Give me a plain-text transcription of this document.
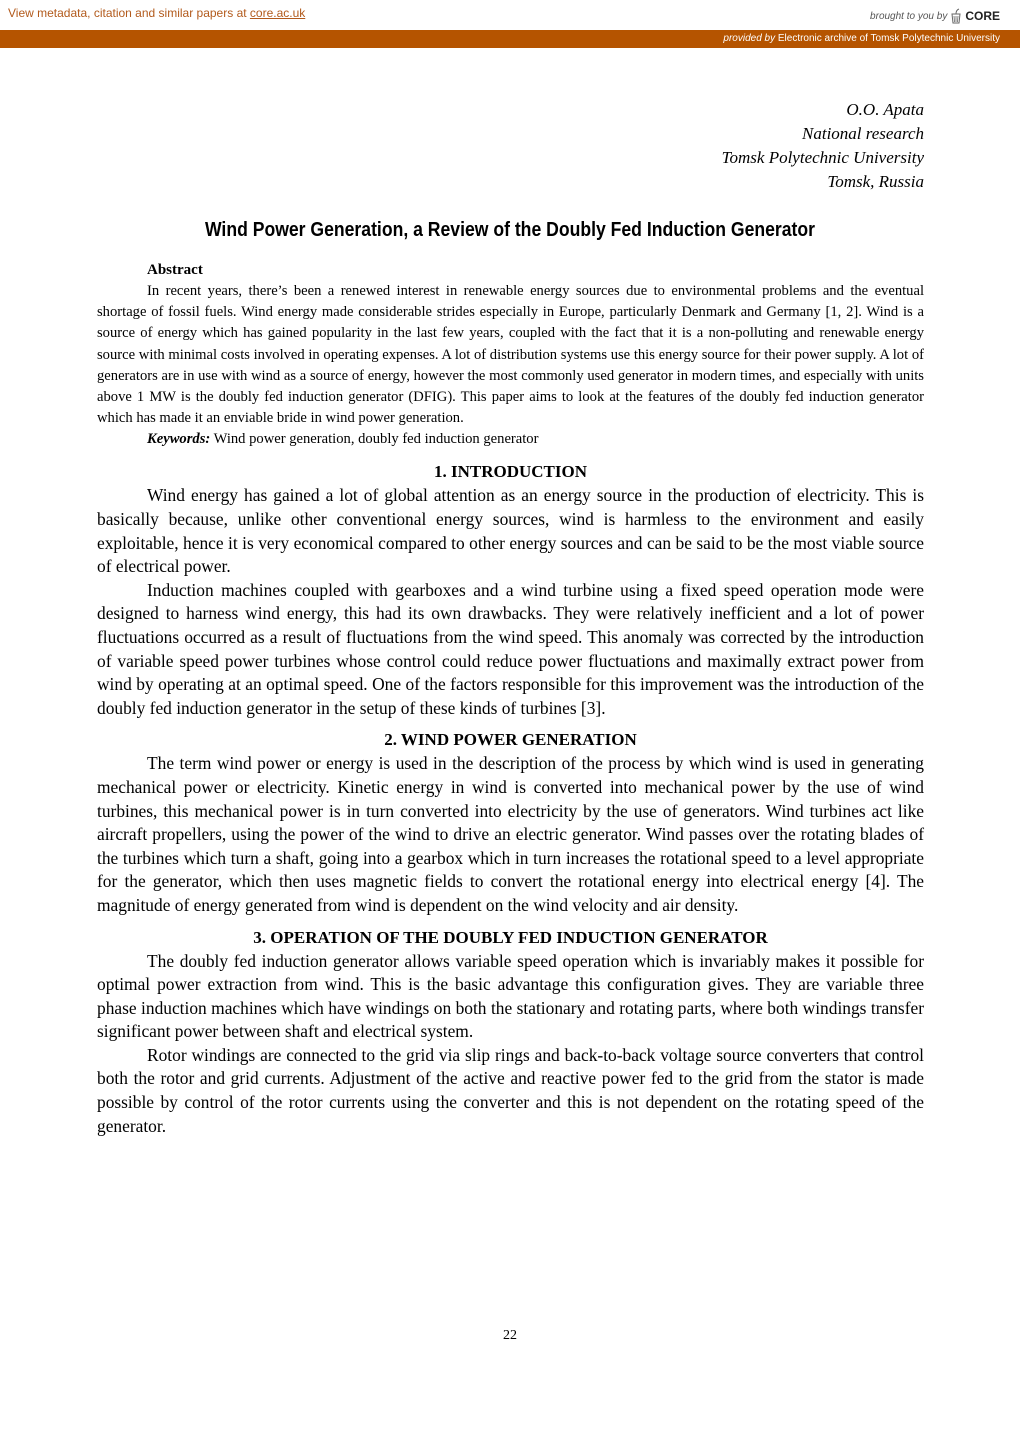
View metadata, citation and similar papers at core.ac.uk	brought to you by CORE
provided by Electronic archive of Tomsk Polytechnic University
O.O. Apata
National research
Tomsk Polytechnic University
Tomsk, Russia
Wind Power Generation, a Review of the Doubly Fed Induction Generator
Abstract

In recent years, there’s been a renewed interest in renewable energy sources due to environmental problems and the eventual shortage of fossil fuels. Wind energy made considerable strides especially in Europe, particularly Denmark and Germany [1, 2]. Wind is a source of energy which has gained popularity in the last few years, coupled with the fact that it is a non-polluting and renewable energy source with minimal costs involved in operating expenses. A lot of distribution systems use this energy source for their power supply. A lot of generators are in use with wind as a source of energy, however the most commonly used generator in modern times, and especially with units above 1 MW is the doubly fed induction generator (DFIG). This paper aims to look at the features of the doubly fed induction generator which has made it an enviable bride in wind power generation.

Keywords: Wind power generation, doubly fed induction generator

1. INTRODUCTION

Wind energy has gained a lot of global attention as an energy source in the production of electricity. This is basically because, unlike other conventional energy sources, wind is harmless to the environment and easily exploitable, hence it is very economical compared to other energy sources and can be said to be the most viable source of electrical power.

Induction machines coupled with gearboxes and a wind turbine using a fixed speed operation mode were designed to harness wind energy, this had its own drawbacks. They were relatively inefficient and a lot of power fluctuations occurred as a result of fluctuations from the wind speed. This anomaly was corrected by the introduction of variable speed power turbines whose control could reduce power fluctuations and maximally extract power from wind by operating at an optimal speed. One of the factors responsible for this improvement was the introduction of the doubly fed induction generator in the setup of these kinds of turbines [3].

2. WIND POWER GENERATION

The term wind power or energy is used in the description of the process by which wind is used in generating mechanical power or electricity. Kinetic energy in wind is converted into mechanical power by the use of wind turbines, this mechanical power is in turn converted into electricity by the use of generators. Wind turbines act like aircraft propellers, using the power of the wind to drive an electric generator. Wind passes over the rotating blades of the turbines which turn a shaft, going into a gearbox which in turn increases the rotational speed to a level appropriate for the generator, which then uses magnetic fields to convert the rotational energy into electrical energy [4]. The magnitude of energy generated from wind is dependent on the wind velocity and air density.

3. OPERATION OF THE DOUBLY FED INDUCTION GENERATOR

The doubly fed induction generator allows variable speed operation which is invariably makes it possible for optimal power extraction from wind. This is the basic advantage this configuration gives. They are variable three phase induction machines which have windings on both the stationary and rotating parts, where both windings transfer significant power between shaft and electrical system.

Rotor windings are connected to the grid via slip rings and back-to-back voltage source converters that control both the rotor and grid currents. Adjustment of the active and reactive power fed to the grid from the stator is made possible by control of the rotor currents using the converter and this is not dependent on the rotating speed of the generator.

22
